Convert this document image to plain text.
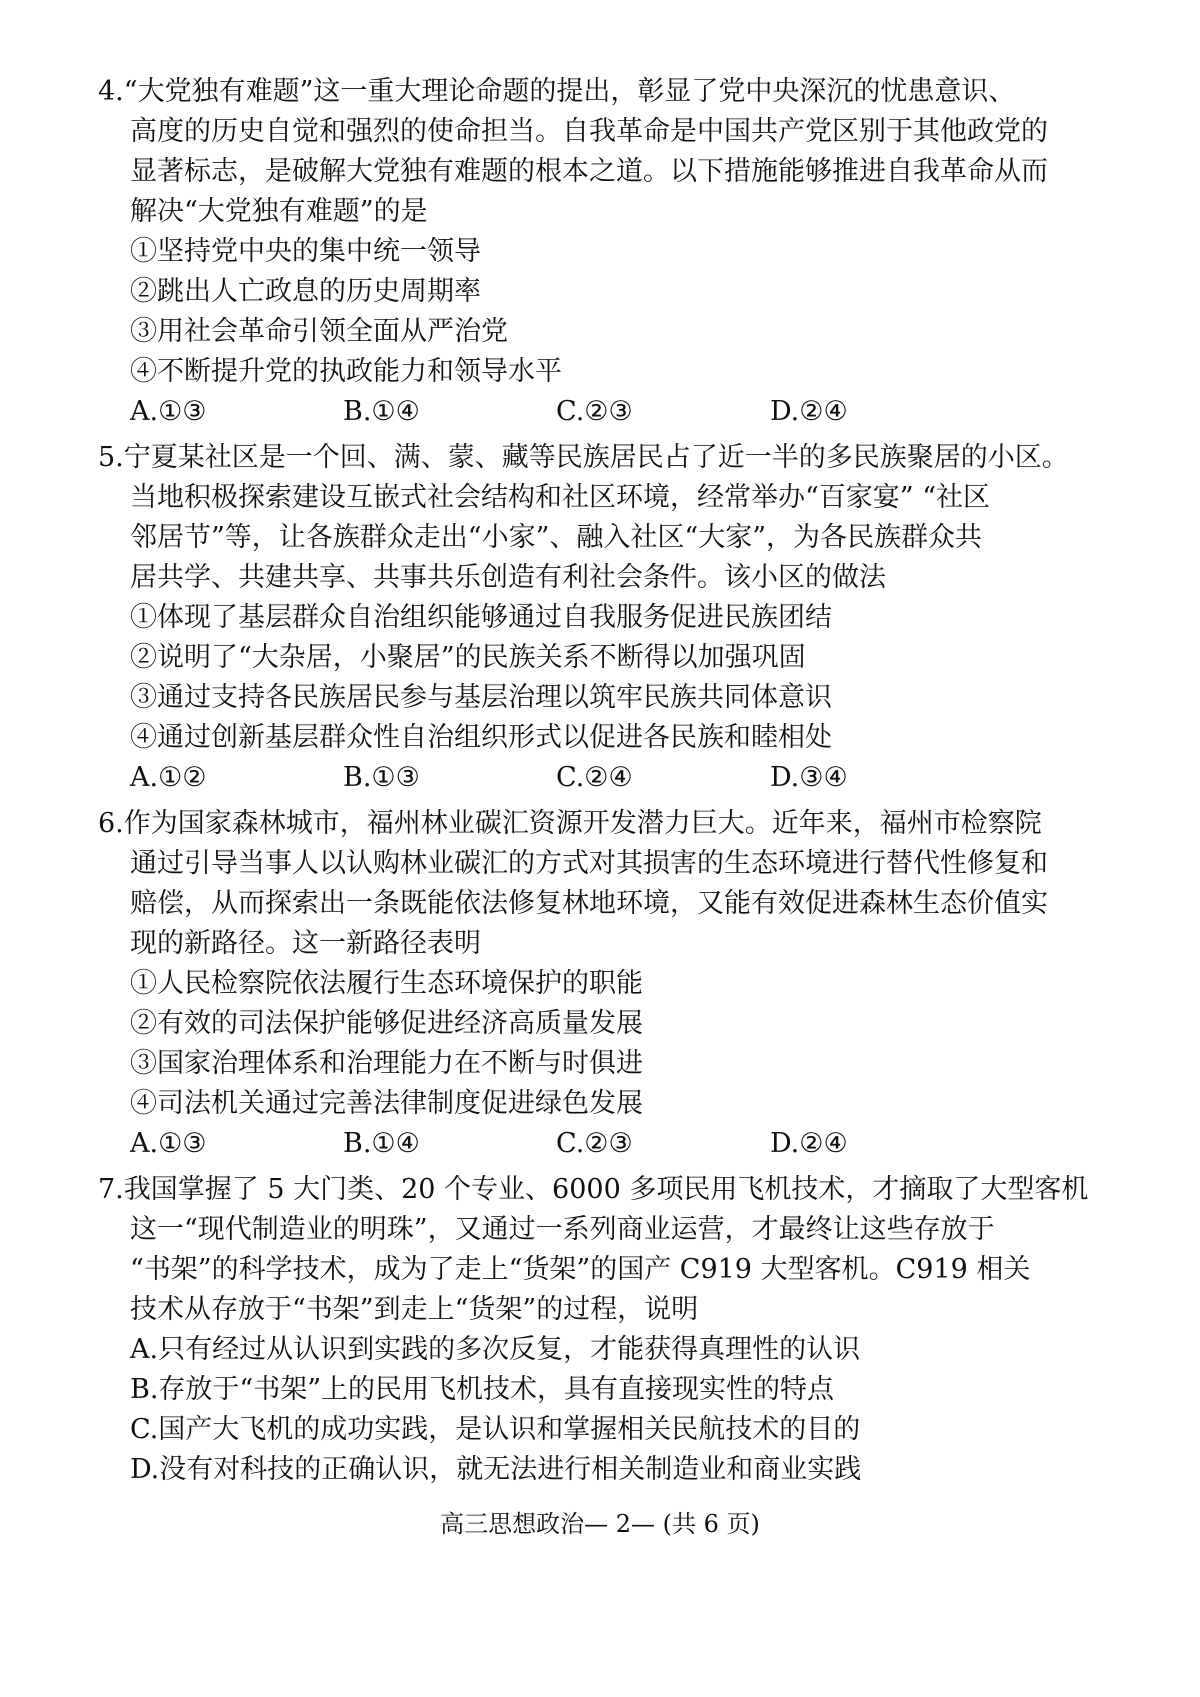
4.“大党独有难题”这一重大理论命题的提出，彰显了党中央深沉的忧患意识、
高度的历史自觉和强烈的使命担当。自我革命是中国共产党区别于其他政党的
显著标志，是破解大党独有难题的根本之道。以下措施能够推进自我革命从而
解决“大党独有难题”的是
①坚持党中央的集中统一领导
②跳出人亡政息的历史周期率
③用社会革命引领全面从严治党
④不断提升党的执政能力和领导水平
A.①③	B.①④	C.②③	D.②④
5.宁夏某社区是一个回、满、蒙、藏等民族居民占了近一半的多民族聚居的小区。
当地积极探索建设互嵌式社会结构和社区环境，经常举办“百家宴” “社区
邻居节”等，让各族群众走出“小家”、融入社区“大家”，为各民族群众共
居共学、共建共享、共事共乐创造有利社会条件。该小区的做法
①体现了基层群众自治组织能够通过自我服务促进民族团结
②说明了“大杂居，小聚居”的民族关系不断得以加强巩固
③通过支持各民族居民参与基层治理以筑牢民族共同体意识
④通过创新基层群众性自治组织形式以促进各民族和睦相处
A.①②	B.①③	C.②④	D.③④
6.作为国家森林城市，福州林业碳汇资源开发潜力巨大。近年来，福州市检察院
通过引导当事人以认购林业碳汇的方式对其损害的生态环境进行替代性修复和
赔偿，从而探索出一条既能依法修复林地环境，又能有效促进森林生态价值实
现的新路径。这一新路径表明
①人民检察院依法履行生态环境保护的职能
②有效的司法保护能够促进经济高质量发展
③国家治理体系和治理能力在不断与时俱进
④司法机关通过完善法律制度促进绿色发展
A.①③	B.①④	C.②③	D.②④
7.我国掌握了 5 大门类、20 个专业、6000 多项民用飞机技术，才摘取了大型客机
这一“现代制造业的明珠”，又通过一系列商业运营，才最终让这些存放于
“书架”的科学技术，成为了走上“货架”的国产 C919 大型客机。C919 相关
技术从存放于“书架”到走上“货架”的过程，说明
A.只有经过从认识到实践的多次反复，才能获得真理性的认识
B.存放于“书架”上的民用飞机技术，具有直接现实性的特点
C.国产大飞机的成功实践，是认识和掌握相关民航技术的目的
D.没有对科技的正确认识，就无法进行相关制造业和商业实践
高三思想政治— 2— (共 6 页)
